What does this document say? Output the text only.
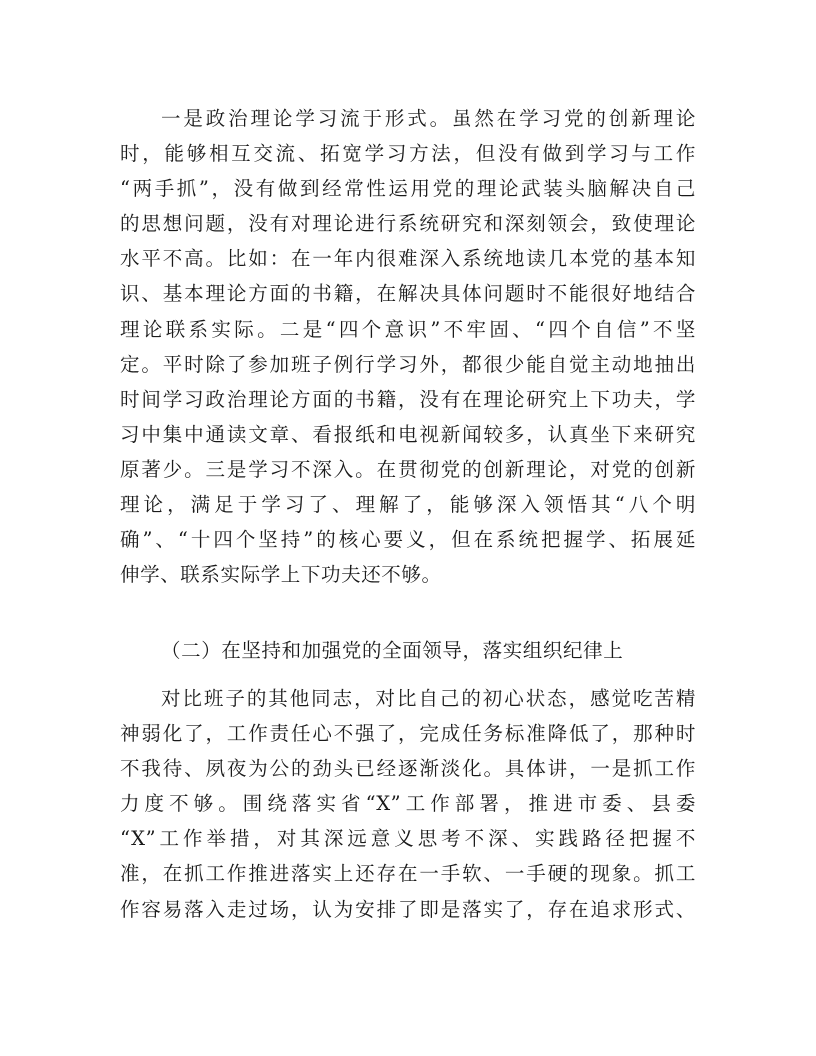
一是政治理论学习流于形式。虽然在学习党的创新理论
时，能够相互交流、拓宽学习方法，但没有做到学习与工作
“两手抓”，没有做到经常性运用党的理论武装头脑解决自己
的思想问题，没有对理论进行系统研究和深刻领会，致使理论
水平不高。比如：在一年内很难深入系统地读几本党的基本知
识、基本理论方面的书籍，在解决具体问题时不能很好地结合
理论联系实际。二是“四个意识”不牢固、“四个自信”不坚
定。平时除了参加班子例行学习外，都很少能自觉主动地抽出
时间学习政治理论方面的书籍，没有在理论研究上下功夫，学
习中集中通读文章、看报纸和电视新闻较多，认真坐下来研究
原著少。三是学习不深入。在贯彻党的创新理论，对党的创新
理论，满足于学习了、理解了，能够深入领悟其“八个明
确”、“十四个坚持”的核心要义，但在系统把握学、拓展延
伸学、联系实际学上下功夫还不够。
（二）在坚持和加强党的全面领导，落实组织纪律上
对比班子的其他同志，对比自己的初心状态，感觉吃苦精
神弱化了，工作责任心不强了，完成任务标准降低了，那种时
不我待、夙夜为公的劲头已经逐渐淡化。具体讲，一是抓工作
力度不够。围绕落实省“X”工作部署，推进市委、县委
“X”工作举措，对其深远意义思考不深、实践路径把握不
准，在抓工作推进落实上还存在一手软、一手硬的现象。抓工
作容易落入走过场，认为安排了即是落实了，存在追求形式、
